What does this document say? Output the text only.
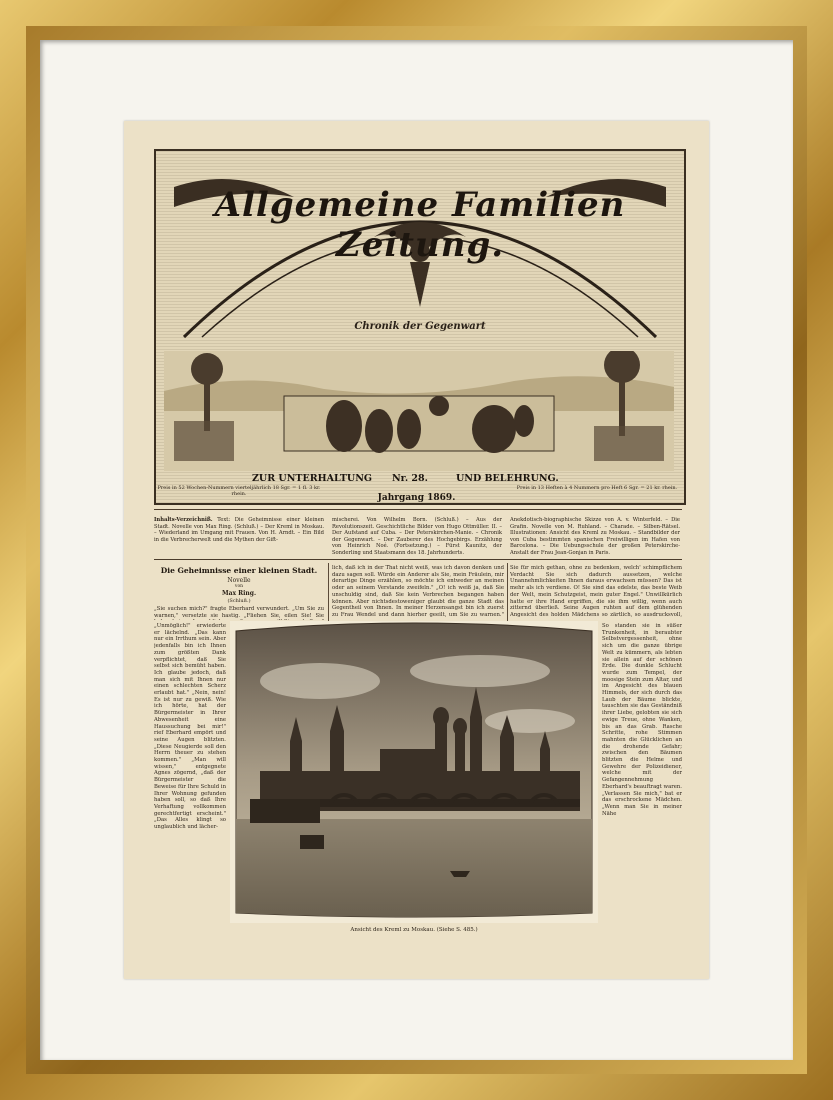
Allgemeine Familien Zeitung.
Chronik der Gegenwart
ZUR UNTERHALTUNG Nr. 28.	UND BELEHRUNG.
Preis in 52 Wochen-Nummern vierteljährlich 18 Sgr. = 1 fl. 3 kr. rhein.	Jahrgang 1869.
Preis in 13 Heften à 4 Nummern pro Heft 6 Sgr. = 21 kr. rhein.
Inhalts-Verzeichniß. Text: Die Geheimnisse einer kleinen Stadt. Novelle von Max Ring. (Schluß.) – Der Kreml in Moskau. – Wiederland im Umgang mit Frauen. Von H. Arndt. – Ein Bild in die Verbrecherwelt und die Mythen der Gift-
mischerei. Von Wilhelm Born. (Schluß.) – Aus der Revolutionszeit. Geschichtliche Bilder von Hugo Ottmüller. II. – Der Aufstand auf Cuba. – Der Peterskirchen-Manie. – Chronik der Gegenwart. – Der Zauberer des Hochgebirgs. Erzählung von Heinrich Noé. (Fortsetzung.) – Fürst Kaunitz, der Sonderling und Staatsmann des 18. Jahrhunderts.
Anekdotisch-biographische Skizze von A. v. Winterfeld. – Die Grafin. Novelle von M. Ruhland. – Charade. – Silben-Rätsel. Illustrationen: Ansicht des Kreml zu Moskau. – Standbilder der von Cuba bestimmten spanischen Freiwilligen im Hafen von Barcelona. – Die Uebungsschule der großen Peterskirche-Anstalt der Frau Jean-Gonjan in Paris.
Die Geheimnisse einer kleinen Stadt.
Novelle
von
Max Ring.
(Schluß.)
„Sie suchen mich?" fragte Eberhard verwundert. „Um Sie zu warnen," versetzte sie hastig. „Fliehen Sie, eilen Sie! Sie
„Unmöglich!" erwiederte er lächelnd. „Das kann nur ein Irrthum sein. Aber jedenfalls bin ich Ihnen zum größten Dank verpflichtet, daß Sie selbst sich bemüht haben. Ich glaube jedoch, daß man sich mit Ihnen nur einen schlechten Scherz erlaubt hat." „Nein, nein! Es ist nur zu gewiß. Wie ich hörte, hat der Bürgermeister in Ihrer Abwesenheit eine Haussuchung bei mir!" rief Eberhard empört und seine Augen blitzten. „Diese Neugierde soll den Herrn theuer zu stehen kommen." „Man will wissen," entgegnete Agnes zögernd, „daß der Bürgermeister die Beweise für Ihre Schuld in Ihrer Wohnung gefunden haben soll, so daß Ihre Verhaftung vollkommen gerechtfertigt erscheint." „Das Alles klingt so unglaublich und lächer-
lich, daß ich in der That nicht weiß, was ich davon denken und dazu sagen soll. Würde ein Anderer als Sie, mein Fräulein, mir derartige Dinge erzählen, so möchte ich entweder an meinen oder an seinem Verstande zweifeln." „O! ich weiß ja, daß Sie unschuldig sind, daß Sie kein Verbrechen begangen haben können. Aber nichtsdestoweniger glaubt die ganze Stadt das Gegentheil von Ihnen. In meiner Herzensangst bin ich zuerst zu Frau Wendel und dann hierher geeilt, um Sie zu warnen."
Sie für mich gethan, ohne zu bedenken, welch' schimpflichem Verdacht Sie sich dadurch aussetzen, welche Unannehmlichkeiten Ihnen daraus erwachsen müssen? Das ist mehr als ich verdiene. O! Sie sind das edelste, das beste Weib der Welt, mein Schutzgeist, mein guter Engel." Unwillkürlich hatte er ihre Hand ergriffen, die sie ihm willig, wenn auch zitternd überließ. Seine Augen ruhten auf dem glühenden Angesicht des holden Mädchens so zärtlich, so ausdrucksvoll,
So standen sie in süßer Trunkenheit, in beraubter Selbstvergessenheit, ohne sich um die ganze übrige Welt zu kümmern, als lebten sie allein auf der schönen Erde. Die dunkle Schlucht wurde zum Tempel, der moosige Stein zum Altar, und im Angesicht des blauen Himmels, der sich durch das Laub der Bäume blickte, tauschten sie das Geständniß ihrer Liebe, gelobten sie sich ewige Treue, ohne Wanken, bis an das Grab. Rasche Schritte, rohe Stimmen mahnten die Glücklichen an die drohende Gefahr; zwischen den Bäumen blitzten die Helme und Gewehre der Polizeidiener, welche mit der Gefangennehmung Eberhard's beauftragt waren. „Verlassen Sie mich," bat er das erschrockene Mädchen. „Wenn man Sie in meiner Nähe
Ansicht des Kreml zu Moskau. (Siehe S. 485.)
